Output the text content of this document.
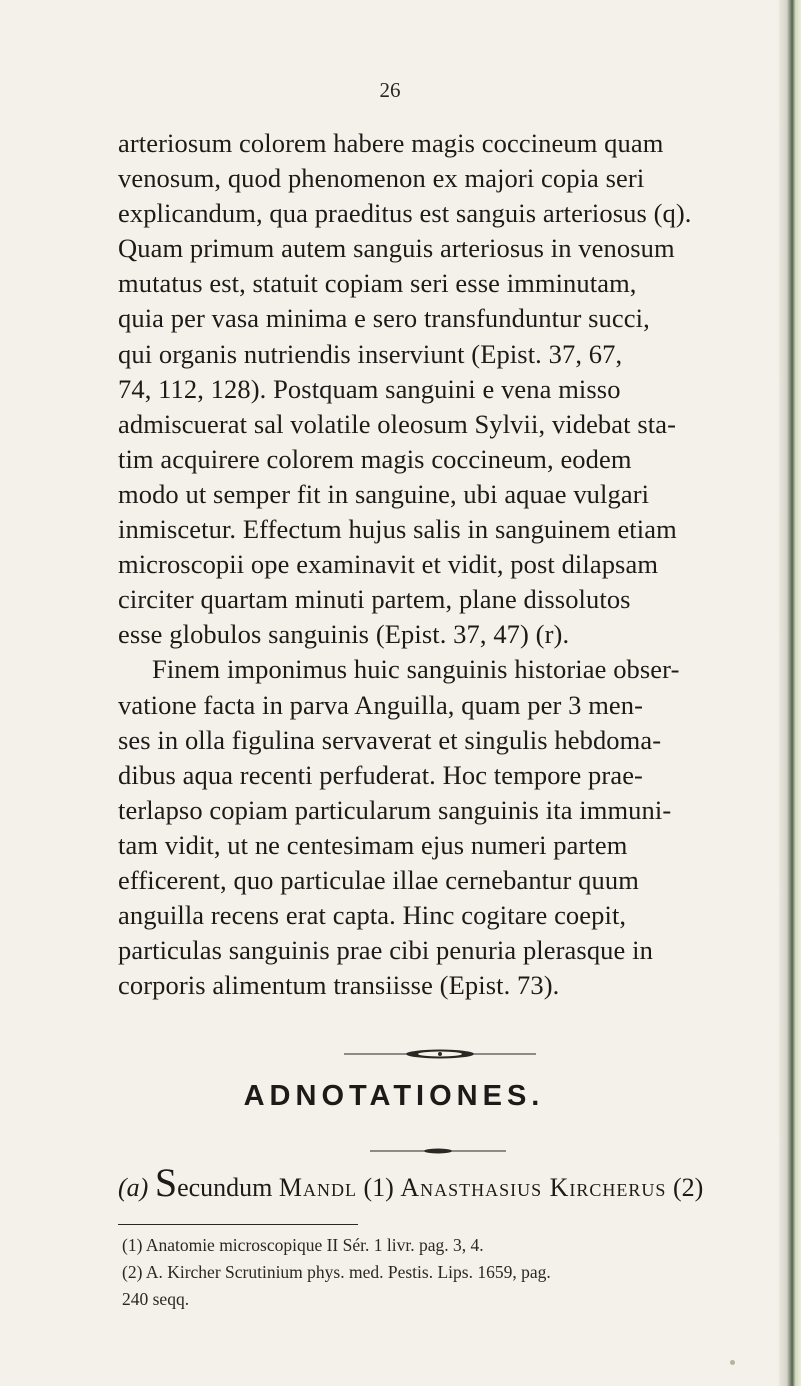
26

arteriosum colorem habere magis coccineum quam

venosum, quod phenomenon ex majori copia seri

explicandum, qua praeditus est sanguis arteriosus (q).

Quam primum autem sanguis arteriosus in venosum

mutatus est, statuit copiam seri esse imminutam,

quia per vasa minima e sero transfunduntur succi,

qui organis nutriendis inserviunt (Epist. 37, 67,

74, 112, 128). Postquam sanguini e vena misso

admiscuerat sal volatile oleosum Sylvii, videbat sta-

tim acquirere colorem magis coccineum, eodem

modo ut semper fit in sanguine, ubi aquae vulgari

inmiscetur. Effectum hujus salis in sanguinem etiam

microscopii ope examinavit et vidit, post dilapsam

circiter quartam minuti partem, plane dissolutos

esse globulos sanguinis (Epist. 37, 47) (r).

Finem imponimus huic sanguinis historiae obser-

vatione facta in parva Anguilla, quam per 3 men-

ses in olla figulina servaverat et singulis hebdoma-

dibus aqua recenti perfuderat. Hoc tempore prae-

terlapso copiam particularum sanguinis ita immuni-

tam vidit, ut ne centesimam ejus numeri partem

efficerent, quo particulae illae cernebantur quum

anguilla recens erat capta. Hinc cogitare coepit,

particulas sanguinis prae cibi penuria plerasque in

corporis alimentum transiisse (Epist. 73).

ADNOTATIONES.
(a) Secundum Mandl (1) Anasthasius Kircherus (2)

(1) Anatomie microscopique II Sér. 1 livr. pag. 3, 4.

(2) A. Kircher Scrutinium phys. med. Pestis. Lips. 1659, pag.

240 seqq.
